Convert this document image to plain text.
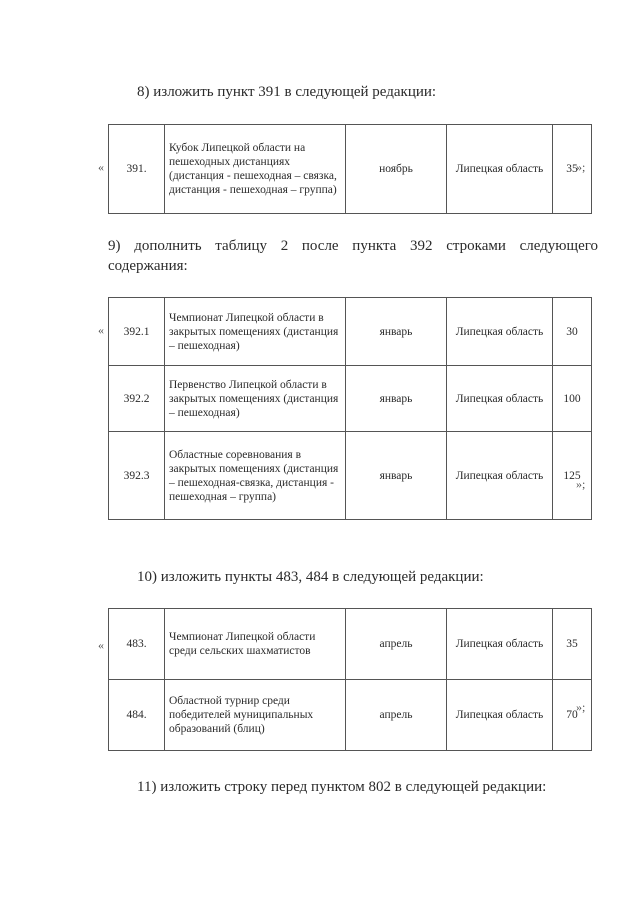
8) изложить пункт 391 в следующей редакции:
« 391.	Кубок Липецкой области на пешеходных дистанциях (дистанция - пешеходная – связка, дистанция - пешеходная – группа)	ноябрь	Липецкая область	35
»;
9) дополнить таблицу 2 после пункта 392 строками следующего
содержания:
« 392.1	Чемпионат Липецкой области в закрытых помещениях (дистанция – пешеходная)	январь	Липецкая область	30
392.2	Первенство Липецкой области в закрытых помещениях (дистанция – пешеходная)	январь	Липецкая область	100
392.3	Областные соревнования в закрытых помещениях (дистанция – пешеходная-связка, дистанция - пешеходная – группа)	январь	Липецкая область	125
»;
10) изложить пункты 483, 484 в следующей редакции:
« 483.	Чемпионат Липецкой области среди сельских шахматистов	апрель	Липецкая область	35
484.	Областной турнир среди победителей муниципальных образований (блиц)	апрель	Липецкая область	70
»;
11) изложить строку перед пунктом 802 в следующей редакции:
